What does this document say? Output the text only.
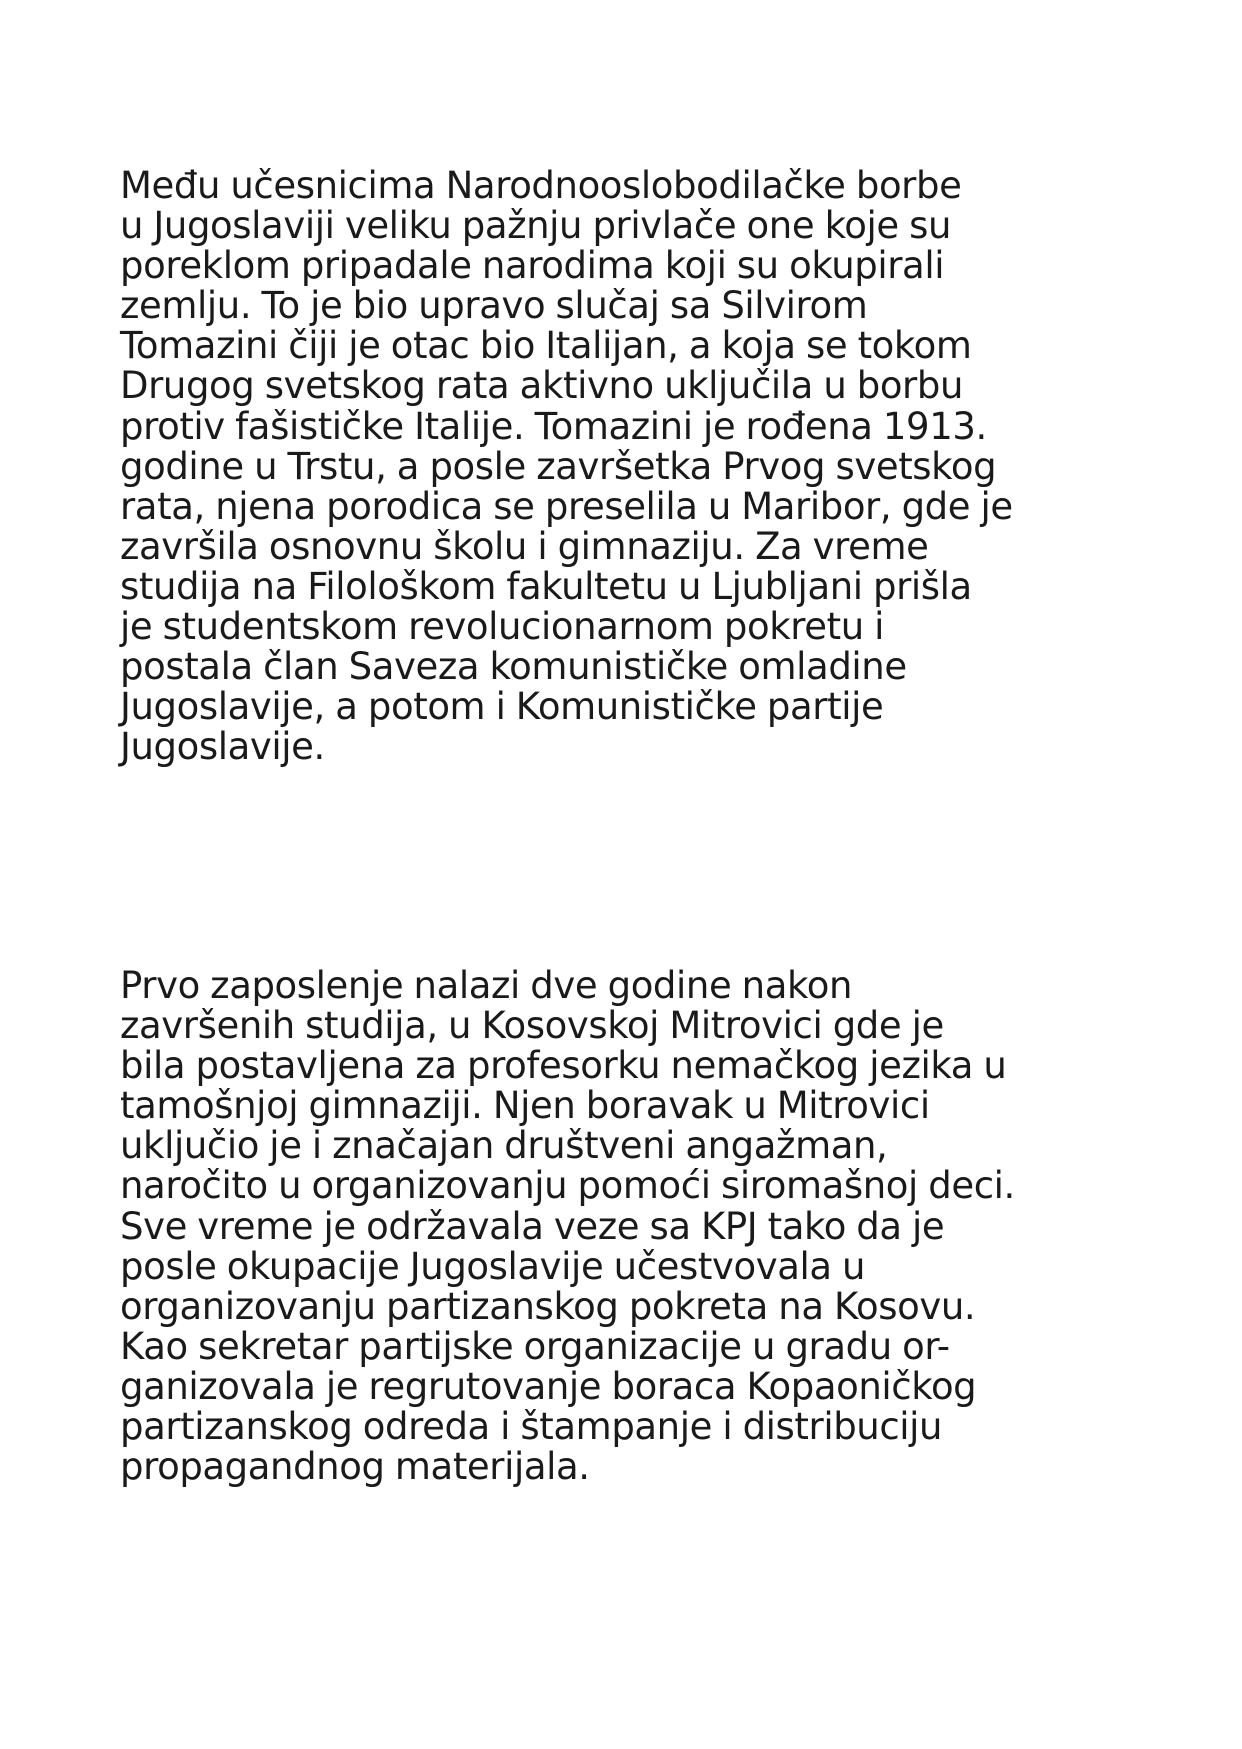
Među učesnicima Narodnooslobodilačke borbe
u Jugoslaviji veliku pažnju privlače one koje su
poreklom pripadale narodima koji su okupirali
zemlju. To je bio upravo slučaj sa Silvirom
Tomazini čiji je otac bio Italijan, a koja se tokom
Drugog svetskog rata aktivno uključila u borbu
protiv fašističke Italije. Tomazini je rođena 1913.
godine u Trstu, a posle završetka Prvog svetskog
rata, njena porodica se preselila u Maribor, gde je
završila osnovnu školu i gimnaziju. Za vreme
studija na Filološkom fakultetu u Ljubljani prišla
je studentskom revolucionarnom pokretu i
postala član Saveza komunističke omladine
Jugoslavije, a potom i Komunističke partije
Jugoslavije.
Prvo zaposlenje nalazi dve godine nakon
završenih studija, u Kosovskoj Mitrovici gde je
bila postavljena za profesorku nemačkog jezika u
tamošnjoj gimnaziji. Njen boravak u Mitrovici
uključio je i značajan društveni angažman,
naročito u organizovanju pomoći siromašnoj deci.
Sve vreme je održavala veze sa KPJ tako da je
posle okupacije Jugoslavije učestvovala u
organizovanju partizanskog pokreta na Kosovu.
Kao sekretar partijske organizacije u gradu or-
ganizovala je regrutovanje boraca Kopaoničkog
partizanskog odreda i štampanje i distribuciju
propagandnog materijala.
